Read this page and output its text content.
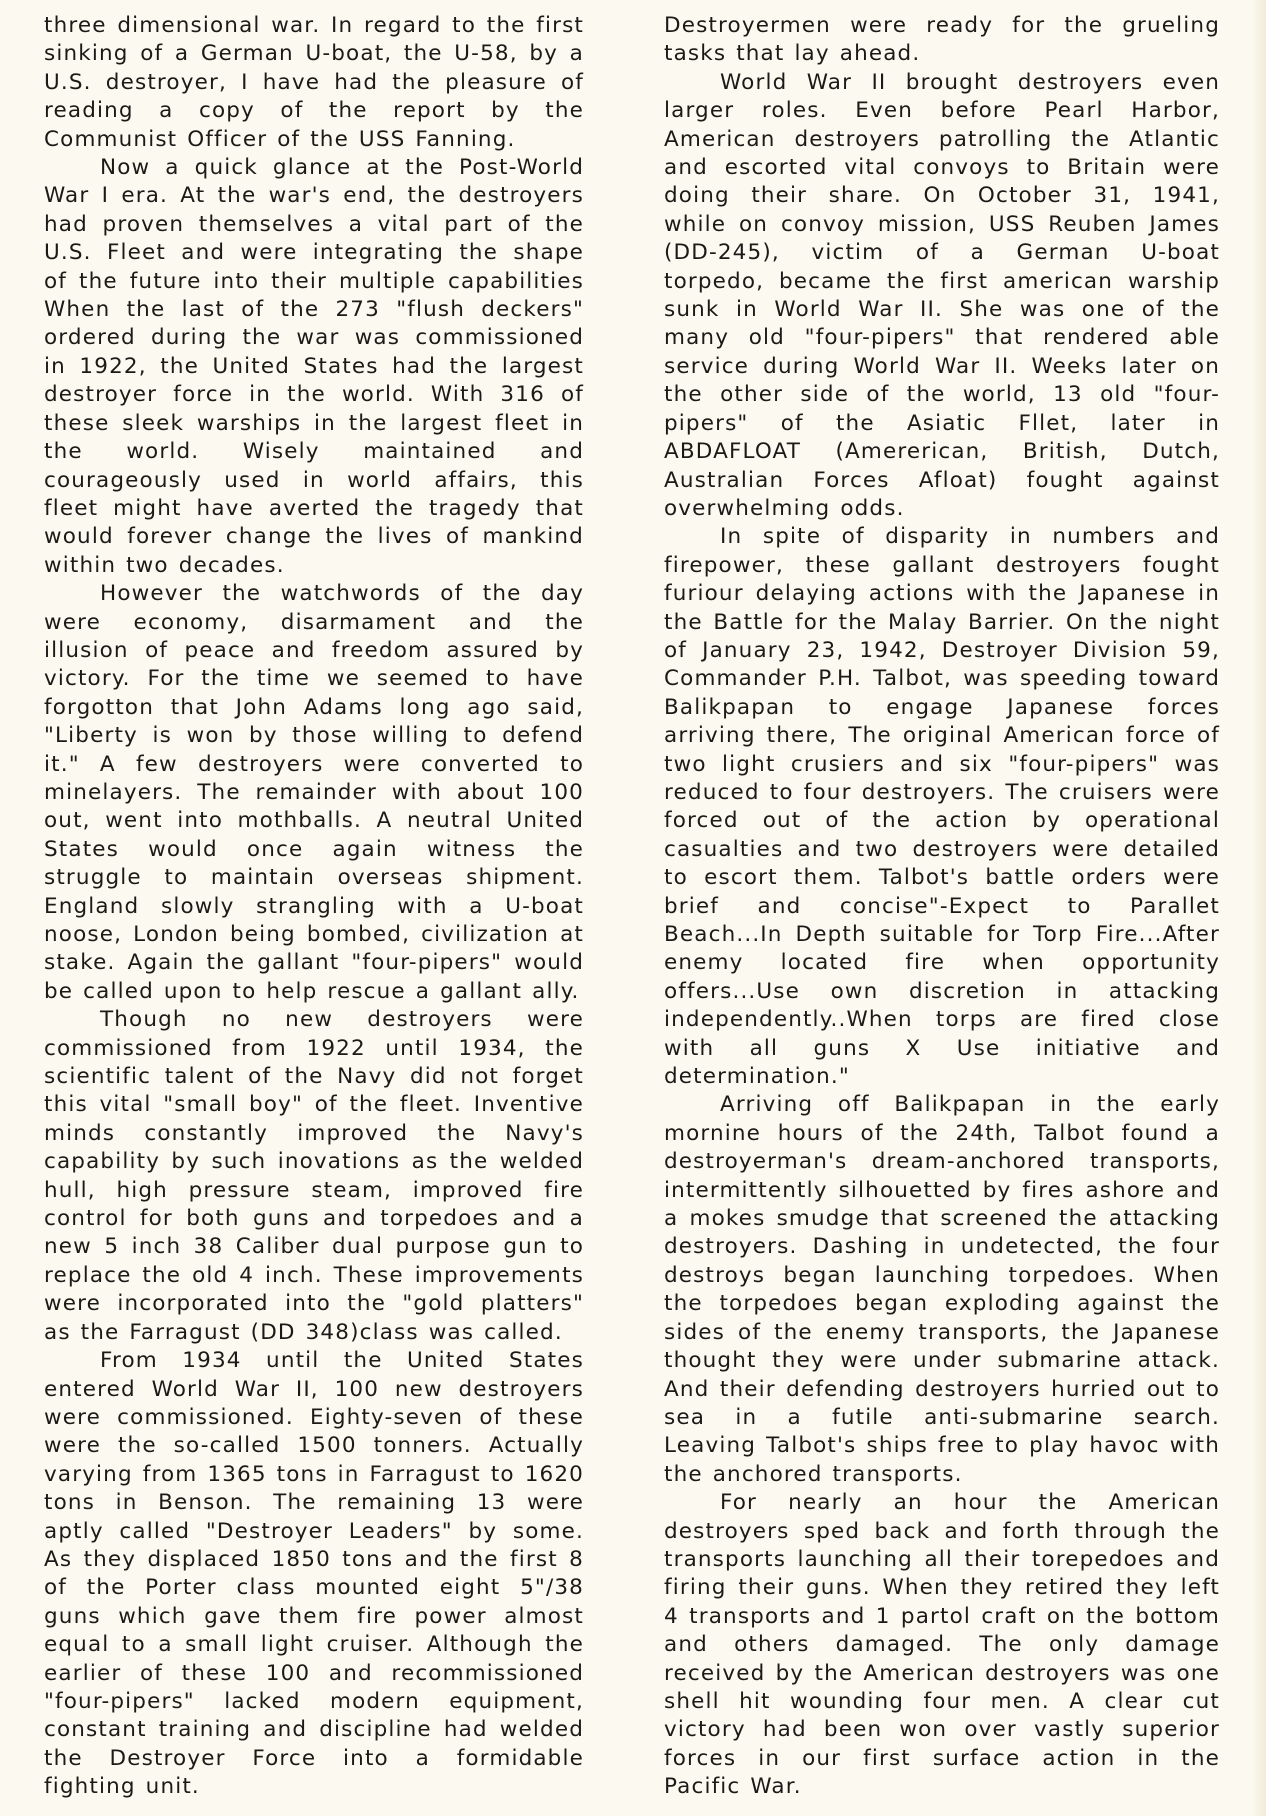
three dimensional war. In regard to the first sinking of a German U-boat, the U-58, by a U.S. destroyer, I have had the pleasure of reading a copy of the report by the Communist Officer of the USS Fanning.

Now a quick glance at the Post-World War I era. At the war's end, the destroyers had proven themselves a vital part of the U.S. Fleet and were integrating the shape of the future into their multiple capabilities When the last of the 273 "flush deckers" ordered during the war was commissioned in 1922, the United States had the largest destroyer force in the world. With 316 of these sleek warships in the largest fleet in the world. Wisely maintained and courageously used in world affairs, this fleet might have averted the tragedy that would forever change the lives of mankind within two decades.

However the watchwords of the day were economy, disarmament and the illusion of peace and freedom assured by victory. For the time we seemed to have forgotton that John Adams long ago said, "Liberty is won by those willing to defend it." A few destroyers were converted to minelayers. The remainder with about 100 out, went into mothballs. A neutral United States would once again witness the struggle to maintain overseas shipment. England slowly strangling with a U-boat noose, London being bombed, civilization at stake. Again the gallant "four-pipers" would be called upon to help rescue a gallant ally.

Though no new destroyers were commissioned from 1922 until 1934, the scientific talent of the Navy did not forget this vital "small boy" of the fleet. Inventive minds constantly improved the Navy's capability by such inovations as the welded hull, high pressure steam, improved fire control for both guns and torpedoes and a new 5 inch 38 Caliber dual purpose gun to replace the old 4 inch. These improvements were incorporated into the "gold platters" as the Farragust (DD 348)class was called.

From 1934 until the United States entered World War II, 100 new destroyers were commissioned. Eighty-seven of these were the so-called 1500 tonners. Actually varying from 1365 tons in Farragust to 1620 tons in Benson. The remaining 13 were aptly called "Destroyer Leaders" by some. As they displaced 1850 tons and the first 8 of the Porter class mounted eight 5"/38 guns which gave them fire power almost equal to a small light cruiser. Although the earlier of these 100 and recommissioned "four-pipers" lacked modern equipment, constant training and discipline had welded the Destroyer Force into a formidable fighting unit.

Destroyermen were ready for the grueling tasks that lay ahead.

World War II brought destroyers even larger roles. Even before Pearl Harbor, American destroyers patrolling the Atlantic and escorted vital convoys to Britain were doing their share. On October 31, 1941, while on convoy mission, USS Reuben James (DD-245), victim of a German U-boat torpedo, became the first american warship sunk in World War II. She was one of the many old "four-pipers" that rendered able service during World War II. Weeks later on the other side of the world, 13 old "four-pipers" of the Asiatic Fllet, later in ABDAFLOAT (Amererican, British, Dutch, Australian Forces Afloat) fought against overwhelming odds.

In spite of disparity in numbers and firepower, these gallant destroyers fought furiour delaying actions with the Japanese in the Battle for the Malay Barrier. On the night of January 23, 1942, Destroyer Division 59, Commander P.H. Talbot, was speeding toward Balikpapan to engage Japanese forces arriving there, The original American force of two light crusiers and six "four-pipers" was reduced to four destroyers. The cruisers were forced out of the action by operational casualties and two destroyers were detailed to escort them. Talbot's battle orders were brief and concise"-Expect to Parallet Beach...In Depth suitable for Torp Fire...After enemy located fire when opportunity offers...Use own discretion in attacking independently..When torps are fired close with all guns X Use initiative and determination."

Arriving off Balikpapan in the early mornine hours of the 24th, Talbot found a destroyerman's dream-anchored transports, intermittently silhouetted by fires ashore and a mokes smudge that screened the attacking destroyers. Dashing in undetected, the four destroys began launching torpedoes. When the torpedoes began exploding against the sides of the enemy transports, the Japanese thought they were under submarine attack. And their defending destroyers hurried out to sea in a futile anti-submarine search. Leaving Talbot's ships free to play havoc with the anchored transports.

For nearly an hour the American destroyers sped back and forth through the transports launching all their torepedoes and firing their guns. When they retired they left 4 transports and 1 partol craft on the bottom and others damaged. The only damage received by the American destroyers was one shell hit wounding four men. A clear cut victory had been won over vastly superior forces in our first surface action in the Pacific War.
